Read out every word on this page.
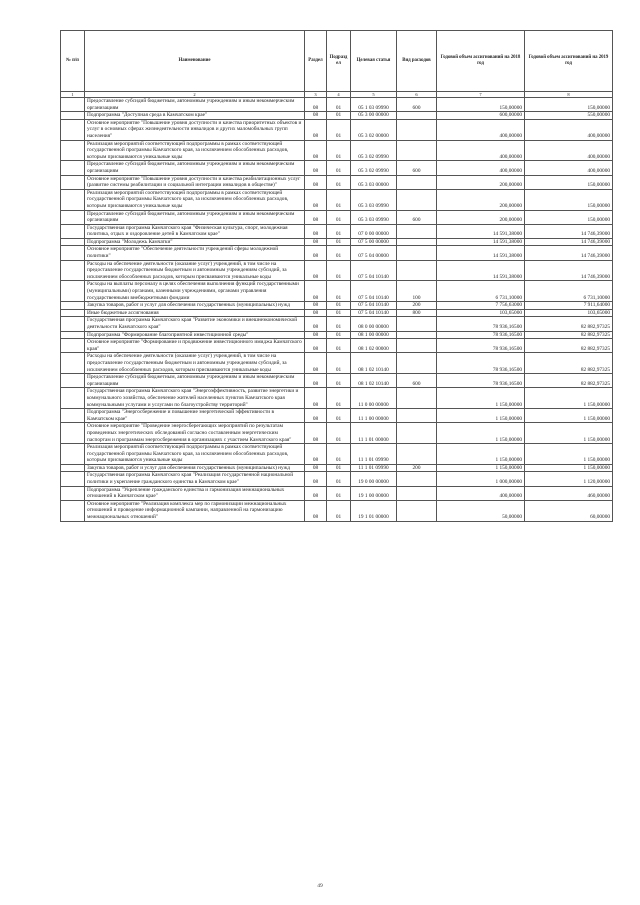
№ п/п	Наименование	Раздел	Подраздел	Целевая статья	Вид расходов	Годовой объем ассигнований на 2018 год	Годовой объем ассигнований на 2019 год
1	2	3	4	5	6	7	8
	Предоставление субсидий бюджетным, автономным учреждениям и иным некоммерческим организациям	08	01	05 1 03 09990	600	150,00000	150,00000
	Подпрограмма "Доступная среда в Камчатском крае"	08	01	05 3 00 00000		600,00000	550,00000
	Основное мероприятие "Повышение уровня доступности и качества приоритетных объектов и услуг в основных сферах жизнедеятельности инвалидов и других маломобильных групп населения"	08	01	05 3 02 00000		400,00000	400,00000
	Реализация мероприятий соответствующей подпрограммы в рамках соответствующей государственной программы Камчатского края, за исключением обособленных расходов, которым присваиваются уникальные коды	08	01	05 3 02 09990		400,00000	400,00000
	Предоставление субсидий бюджетным, автономным учреждениям и иным некоммерческим организациям	08	01	05 3 02 09990	600	400,00000	400,00000
	Основное мероприятие "Повышение уровня доступности и качества реабилитационных услуг (развитие системы реабилитации и социальной интеграции инвалидов в обществе)"	08	01	05 3 03 00000		200,00000	150,00000
	Реализация мероприятий соответствующей подпрограммы в рамках соответствующей государственной программы Камчатского края, за исключением обособленных расходов, которым присваиваются уникальные коды	08	01	05 3 03 09990		200,00000	150,00000
	Предоставление субсидий бюджетным, автономным учреждениям и иным некоммерческим организациям	08	01	05 3 03 09990	600	200,00000	150,00000
	Государственная программа Камчатского края "Физическая культура, спорт, молодежная политика, отдых и оздоровление детей в Камчатском крае"	08	01	07 0 00 00000		14 591,38000	14 746,39000
	Подпрограмма "Молодежь Камчатки"	08	01	07 5 00 00000		14 591,38000	14 746,39000
	Основное мероприятие "Обеспечение деятельности учреждений сферы молодежной политики"	08	01	07 5 04 00000		14 591,38000	14 746,39000
	Расходы на обеспечение деятельности (оказание услуг) учреждений, в том числе на предоставление государственным бюджетным и автономным учреждениям субсидий, за исключением обособленных расходов, которым присваиваются уникальные коды	08	01	07 5 04 10140		14 591,38000	14 746,39000
	Расходы на выплаты персоналу в целях обеспечения выполнения функций государственными (муниципальными) органами, казенными учреждениями, органами управления государственными внебюджетными фондами	08	01	07 5 04 10140	100	6 731,10000	6 731,10000
	Закупка товаров, работ и услуг для обеспечения государственных (муниципальных) нужд	08	01	07 5 04 10140	200	7 756,63000	7 911,64000
	Иные бюджетные ассигнования	08	01	07 5 04 10140	800	103,65000	103,65000
	Государственная программа Камчатского края "Развитие экономики и внешнеэкономической деятельности Камчатского края"	08	01	08 0 00 00000		78 936,16500	82 882,97325
	Подпрограмма "Формирование благоприятной инвестиционной среды"	08	01	08 1 00 00000		78 936,16500	82 882,97325
	Основное мероприятие "Формирование и продвижение инвестиционного имиджа Камчатского края"	08	01	08 1 02 00000		78 936,16500	82 882,97325
	Расходы на обеспечение деятельности (оказание услуг) учреждений, в том числе на предоставление государственным бюджетным и автономным учреждениям субсидий, за исключением обособленных расходов, которым присваиваются уникальные коды	08	01	08 1 02 10140		78 936,16500	82 882,97325
	Предоставление субсидий бюджетным, автономным учреждениям и иным некоммерческим организациям	08	01	08 1 02 10140	600	78 936,16500	82 882,97325
	Государственная программа Камчатского края "Энергоэффективность, развитие энергетики и коммунального хозяйства, обеспечение жителей населенных пунктов Камчатского края коммунальными услугами и услугами по благоустройству территорий"	08	01	11 0 00 00000		1 150,00000	1 150,00000
	Подпрограмма "Энергосбережение и повышение энергетической эффективности в Камчатском крае"	08	01	11 1 00 00000		1 150,00000	1 150,00000
	Основное мероприятие "Проведение энергосберегающих мероприятий по результатам проведенных энергетических обследований согласно составленным энергетическим паспортам и программам энергосбережения в организациях с участием Камчатского края"	08	01	11 1 01 00000		1 150,00000	1 150,00000
	Реализация мероприятий соответствующей подпрограммы в рамках соответствующей государственной программы Камчатского края, за исключением обособленных расходов, которым присваиваются уникальные коды	08	01	11 1 01 09990		1 150,00000	1 150,00000
	Закупка товаров, работ и услуг для обеспечения государственных (муниципальных) нужд	08	01	11 1 01 09990	200	1 150,00000	1 150,00000
	Государственная программа Камчатского края "Реализация государственной национальной политики и укрепление гражданского единства в Камчатском крае"	08	01	19 0 00 00000		1 000,00000	1 120,00000
	Подпрограмма "Укрепление гражданского единства и гармонизация межнациональных отношений в Камчатском крае"	08	01	19 1 00 00000		400,00000	460,00000
	Основное мероприятие "Реализация комплекса мер по гармонизации межнациональных отношений и проведение информационной кампании, направленной на гармонизацию межнациональных отношений"	08	01	19 1 01 00000		50,00000	60,00000
49
